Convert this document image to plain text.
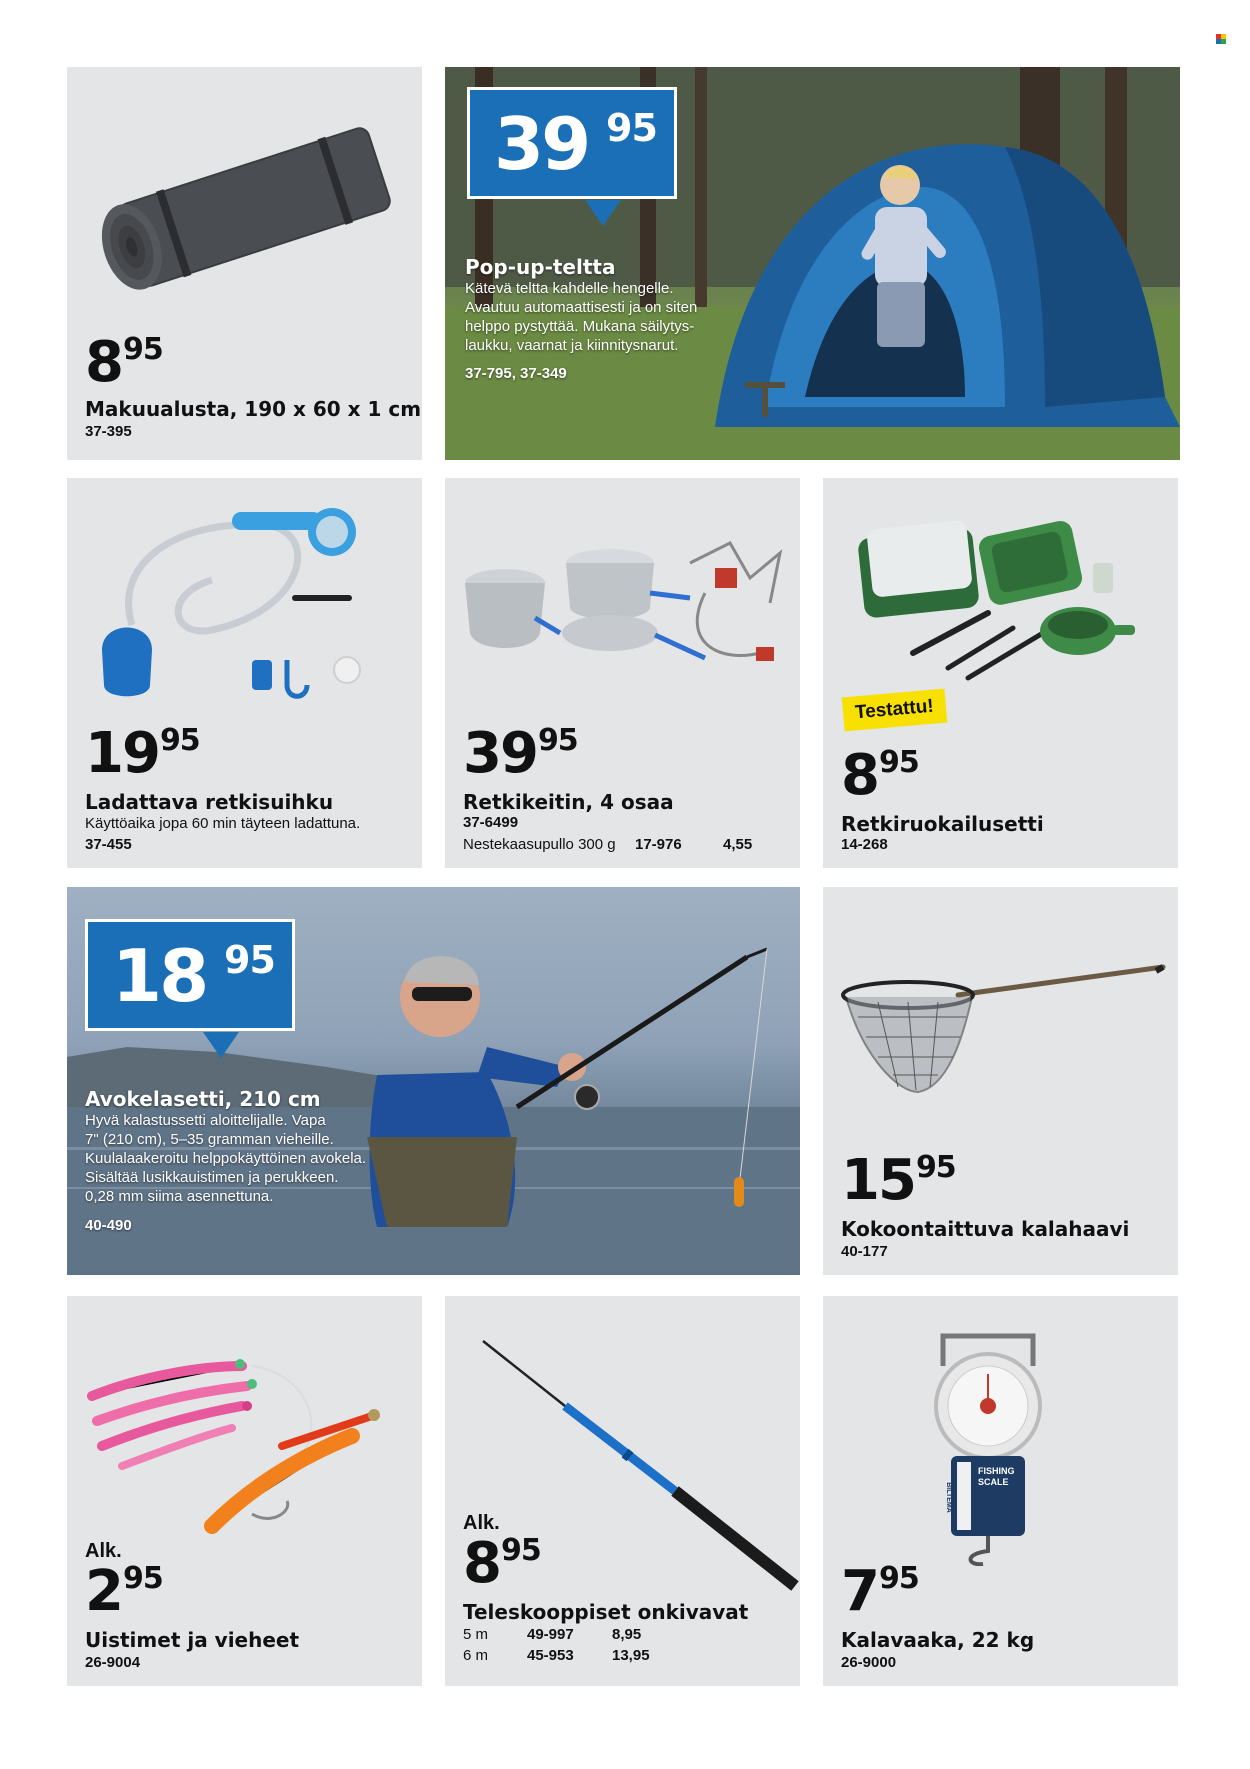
895
Makuualusta, 190 x 60 x 1 cm
37-395
39 95
Pop-up-teltta
Kätevä teltta kahdelle hengelle.
Avautuu automaattisesti ja on siten
helppo pystyttää. Mukana säilytys-
laukku, vaarnat ja kiinnitysnarut.
37-795, 37-349
1995
Ladattava retkisuihku
Käyttöaika jopa 60 min täyteen ladattuna.
37-455
3995
Retkikeitin, 4 osaa
37-6499
Nestekaasupullo 300 g	17-976	4,55
Testattu!
895
Retkiruokailusetti
14-268
18 95
Avokelasetti, 210 cm
Hyvä kalastussetti aloittelijalle. Vapa
7" (210 cm), 5–35 gramman vieheille.
Kuulalaakeroitu helppokäyttöinen avokela.
Sisältää lusikkauistimen ja perukkeen.
0,28 mm siima asennettuna.
40-490
1595
Kokoontaittuva kalahaavi
40-177
Alk.
295
Uistimet ja vieheet
26-9004
Alk.
895
Teleskooppiset onkivavat
5 m	49-997	8,95
6 m	45-953	13,95
FISHING SCALE
BILTEMA
795
Kalavaaka, 22 kg
26-9000
